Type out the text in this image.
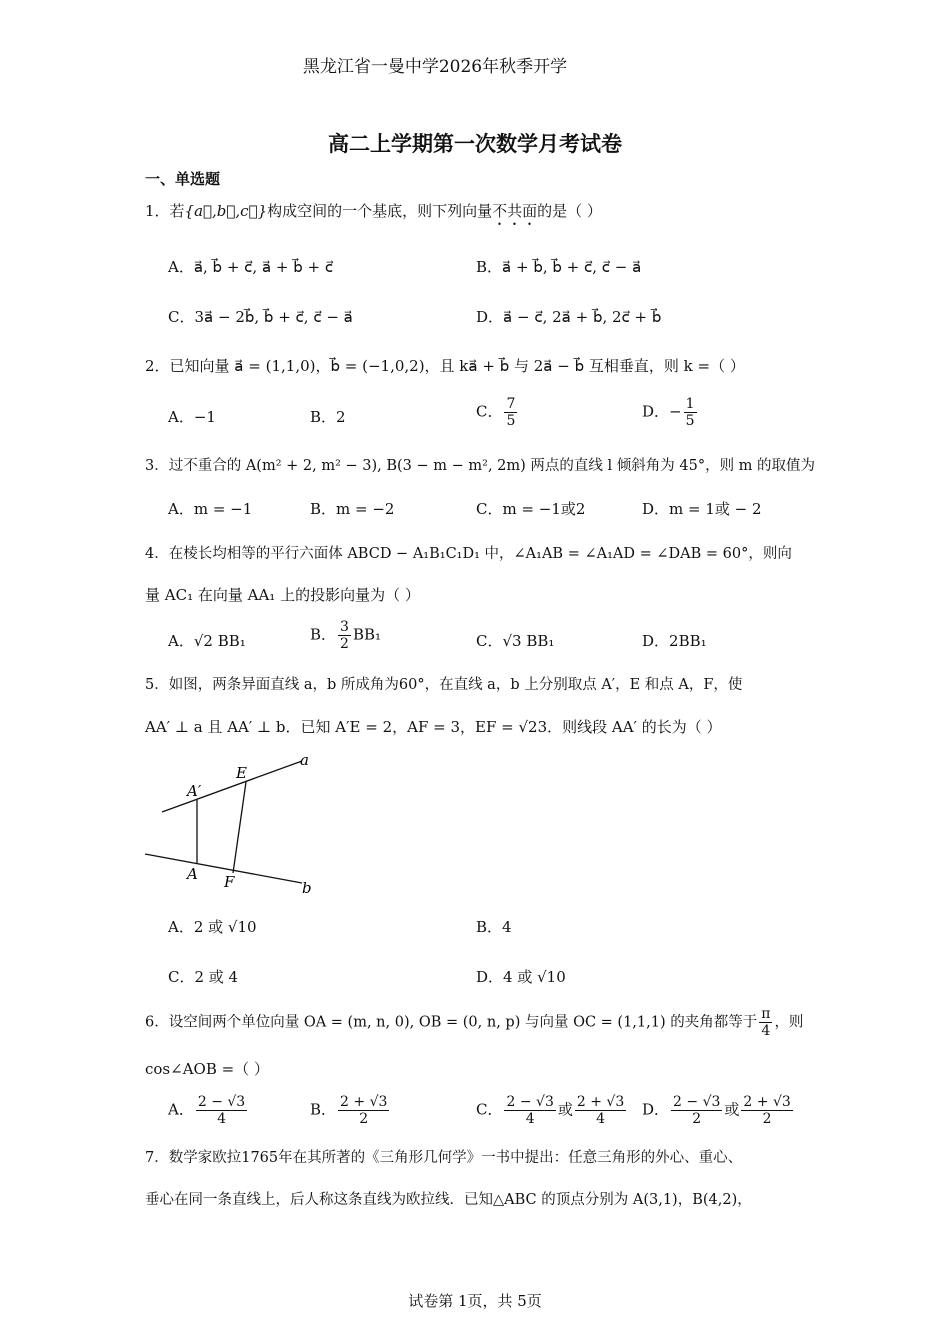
黑龙江省一曼中学2026年秋季开学
高二上学期第一次数学月考试卷
一、单选题
1．若{a⃗,b⃗,c⃗}构成空间的一个基底，则下列向量不共面的是（ ）
A．a⃗, b⃗ + c⃗, a⃗ + b⃗ + c⃗	B．a⃗ + b⃗, b⃗ + c⃗, c⃗ − a⃗
C．3a⃗ − 2b⃗, b⃗ + c⃗, c⃗ − a⃗	D．a⃗ − c⃗, 2a⃗ + b⃗, 2c⃗ + b⃗
2．已知向量 a⃗ = (1,1,0)，b⃗ = (−1,0,2)，且 ka⃗ + b⃗ 与 2a⃗ − b⃗ 互相垂直，则 k =（ ）
A．−1	B．2	C． $\frac{7}{5}$	D．− $\frac{1}{5}$
3．过不重合的 A(m² + 2, m² − 3), B(3 − m − m², 2m) 两点的直线 l 倾斜角为 45°，则 m 的取值为
A．m = −1	B．m = −2	C．m = −1或2	D．m = 1或 − 2
4．在棱长均相等的平行六面体 ABCD − A₁B₁C₁D₁ 中，∠A₁AB = ∠A₁AD = ∠DAB = 60°，则向
量 AC₁ 在向量 AA₁ 上的投影向量为（ ）
A．√2 BB₁	B． $\frac{3}{2} BB_1$	C．√3 BB₁	D．2BB₁
5．如图，两条异面直线 a，b 所成角为60°，在直线 a，b 上分别取点 A′，E 和点 A，F，使
AA′ ⊥ a 且 AA′ ⊥ b．已知 A′E = 2，AF = 3，EF = √23．则线段 AA′ 的长为（ ）
a
b
E
A′
A F
A．2 或 √10	B．4
C．2 或 4	D．4 或 √10
6．设空间两个单位向量 OA = (m, n, 0), OB = (0, n, p) 与向量 OC = (1,1,1) 的夹角都等于 $\frac{\pi}{4}$ ，则
cos∠AOB =（ ）
A． $\frac{2 - √3}{4}$	B． $\frac{2 + √3}{2}$	C． $\frac{2 - √3}{4}$ 或 $\frac{2 + √3}{4}$ D． $\frac{2 - √3}{2}$ 或 $\frac{2 + √3}{2}$
7．数学家欧拉1765年在其所著的《三角形几何学》一书中提出：任意三角形的外心、重心、
垂心在同一条直线上，后人称这条直线为欧拉线．已知△ABC 的顶点分别为 A(3,1)，B(4,2)，
试卷第 1页，共 5页
